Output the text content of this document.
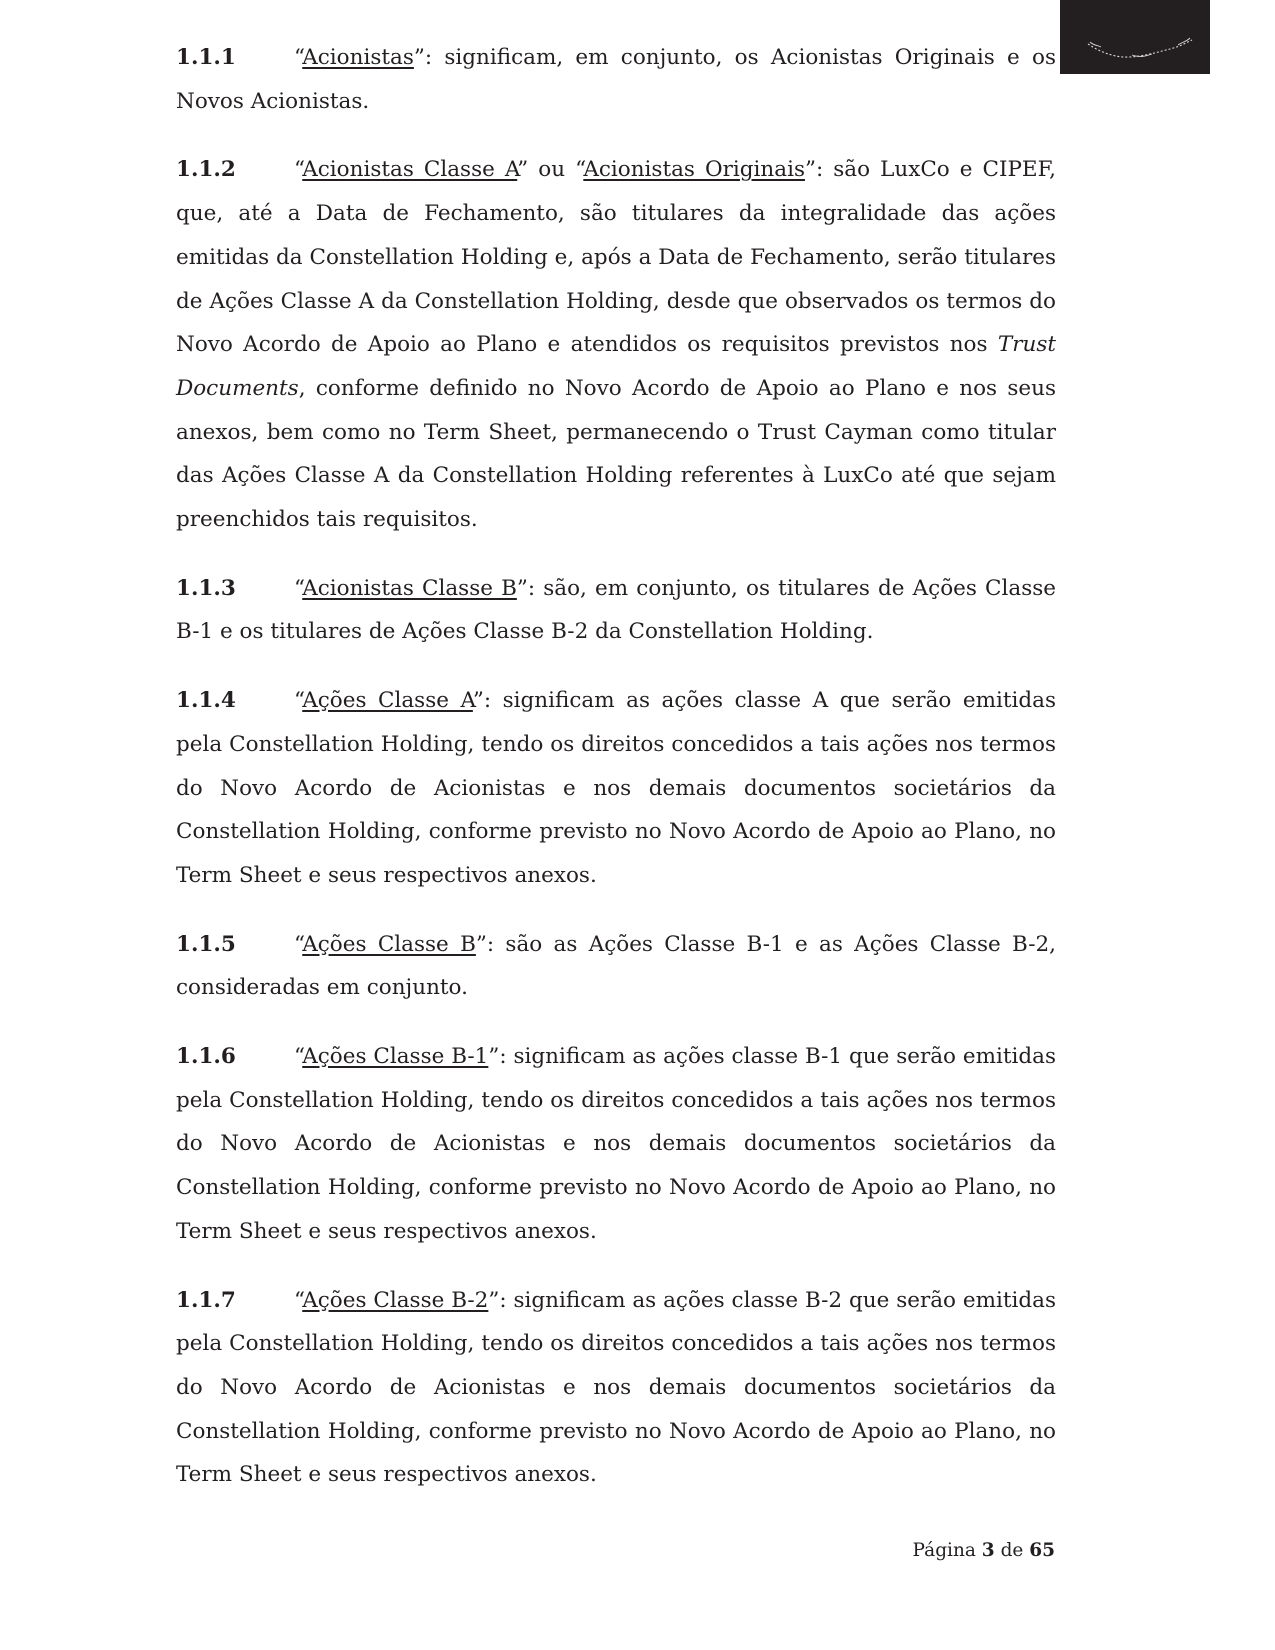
1.1.1	“Acionistas”: significam, em conjunto, os Acionistas Originais e os Novos Acionistas.

1.1.2	“Acionistas Classe A” ou “Acionistas Originais”: são LuxCo e CIPEF, que, até a Data de Fechamento, são titulares da integralidade das ações emitidas da Constellation Holding e, após a Data de Fechamento, serão titulares de Ações Classe A da Constellation Holding, desde que observados os termos do Novo Acordo de Apoio ao Plano e atendidos os requisitos previstos nos Trust Documents, conforme definido no Novo Acordo de Apoio ao Plano e nos seus anexos, bem como no Term Sheet, permanecendo o Trust Cayman como titular das Ações Classe A da Constellation Holding referentes à LuxCo até que sejam preenchidos tais requisitos.

1.1.3	“Acionistas Classe B”: são, em conjunto, os titulares de Ações Classe B-1 e os titulares de Ações Classe B-2 da Constellation Holding.

1.1.4	“Ações Classe A”: significam as ações classe A que serão emitidas pela Constellation Holding, tendo os direitos concedidos a tais ações nos termos do Novo Acordo de Acionistas e nos demais documentos societários da Constellation Holding, conforme previsto no Novo Acordo de Apoio ao Plano, no Term Sheet e seus respectivos anexos.

1.1.5	“Ações Classe B”: são as Ações Classe B-1 e as Ações Classe B-2, consideradas em conjunto.

1.1.6	“Ações Classe B-1”: significam as ações classe B-1 que serão emitidas pela Constellation Holding, tendo os direitos concedidos a tais ações nos termos do Novo Acordo de Acionistas e nos demais documentos societários da Constellation Holding, conforme previsto no Novo Acordo de Apoio ao Plano, no Term Sheet e seus respectivos anexos.

1.1.7	“Ações Classe B-2”: significam as ações classe B-2 que serão emitidas pela Constellation Holding, tendo os direitos concedidos a tais ações nos termos do Novo Acordo de Acionistas e nos demais documentos societários da Constellation Holding, conforme previsto no Novo Acordo de Apoio ao Plano, no Term Sheet e seus respectivos anexos.

Página 3 de 65
